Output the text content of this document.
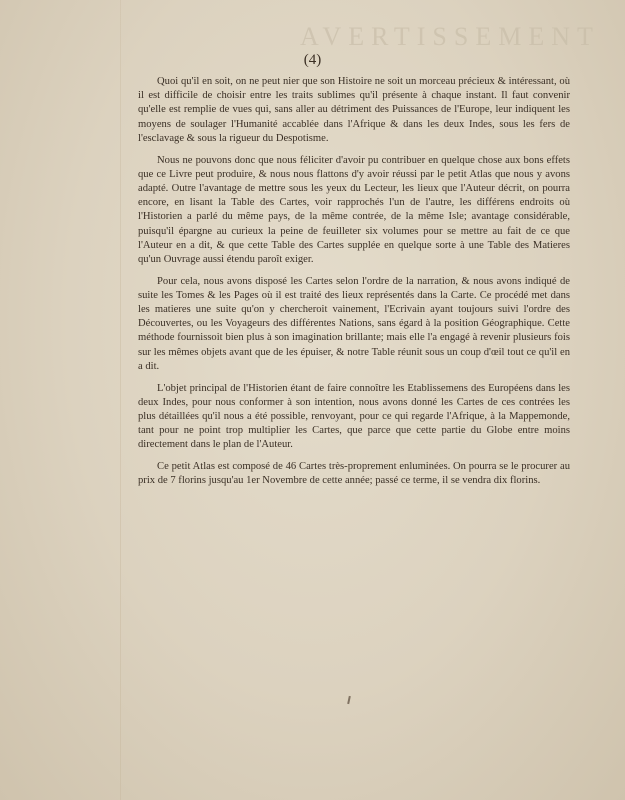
AVERTISSEMENT
(4)

Quoi qu'il en soit, on ne peut nier que son Histoire ne soit un morceau précieux & intéressant, où il est difficile de choisir entre les traits sublimes qu'il présente à chaque instant. Il faut convenir qu'elle est remplie de vues qui, sans aller au détriment des Puissances de l'Europe, leur indiquent les moyens de soulager l'Humanité accablée dans l'Afrique & dans les deux Indes, sous les fers de l'esclavage & sous la rigueur du Despotisme.

Nous ne pouvons donc que nous féliciter d'avoir pu contribuer en quelque chose aux bons effets que ce Livre peut produire, & nous nous flattons d'y avoir réussi par le petit Atlas que nous y avons adapté. Outre l'avantage de mettre sous les yeux du Lecteur, les lieux que l'Auteur décrit, on pourra encore, en lisant la Table des Cartes, voir rapprochés l'un de l'autre, les différens endroits où l'Historien a parlé du même pays, de la même contrée, de la même Isle; avantage considérable, puisqu'il épargne au curieux la peine de feuilleter six volumes pour se mettre au fait de ce que l'Auteur en a dit, & que cette Table des Cartes supplée en quelque sorte à une Table des Matieres qu'un Ouvrage aussi étendu paroît exiger.

Pour cela, nous avons disposé les Cartes selon l'ordre de la narration, & nous avons indiqué de suite les Tomes & les Pages où il est traité des lieux représentés dans la Carte. Ce procédé met dans les matieres une suite qu'on y chercheroit vainement, l'Ecrivain ayant toujours suivi l'ordre des Découvertes, ou les Voyageurs des différentes Nations, sans égard à la position Géographique. Cette méthode fournissoit bien plus à son imagination brillante; mais elle l'a engagé à revenir plusieurs fois sur les mêmes objets avant que de les épuiser, & notre Table réunit sous un coup d'œil tout ce qu'il en a dit.

L'objet principal de l'Historien étant de faire connoître les Etablissemens des Européens dans les deux Indes, pour nous conformer à son intention, nous avons donné les Cartes de ces contrées les plus détaillées qu'il nous a été possible, renvoyant, pour ce qui regarde l'Afrique, à la Mappemonde, tant pour ne point trop multiplier les Cartes, que parce que cette partie du Globe entre moins directement dans le plan de l'Auteur.

Ce petit Atlas est composé de 46 Cartes très-proprement enluminées. On pourra se le procurer au prix de 7 florins jusqu'au 1er Novembre de cette année; passé ce terme, il se vendra dix florins.
